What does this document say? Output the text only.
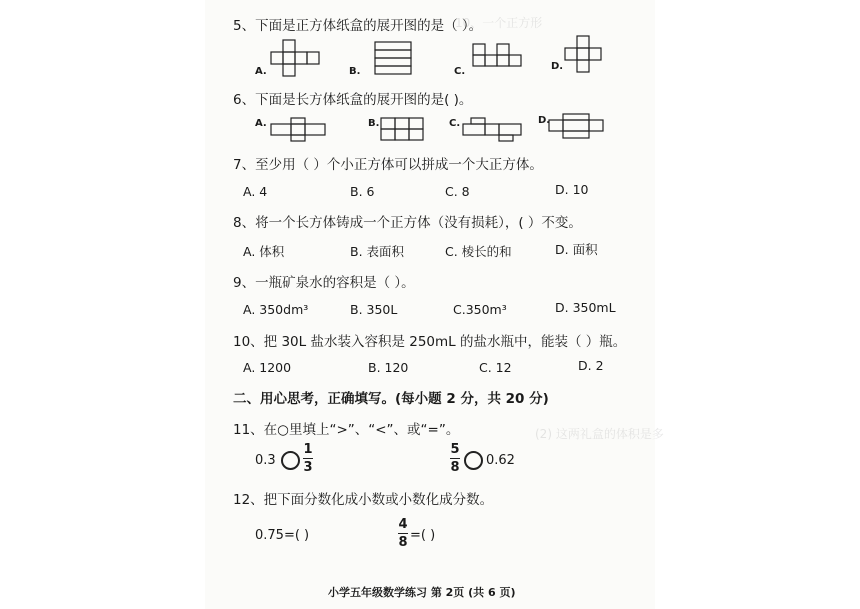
10、一个正方形
(2) 这两礼盒的体积是多
5、下面是正方体纸盒的展开图的是（ ）。
A.	B.	C.	D.
6、下面是长方体纸盒的展开图的是( )。
A.	B.	C.	D.
7、至少用（ ）个小正方体可以拼成一个大正方体。
A. 4	B. 6	C. 8	D. 10
8、将一个长方体铸成一个正方体（没有损耗），( ）不变。
A. 体积	B. 表面积	C. 棱长的和	D. 面积
9、一瓶矿泉水的容积是（ ）。
A. 350dm³	B. 350L	C.350m³	D. 350mL
10、把 30L 盐水装入容积是 250mL 的盐水瓶中，能装（ ）瓶。
A. 1200	B. 120	C. 12	D. 2
二、用心思考，正确填写。(每小题 2 分，共 20 分)
11、在○里填上“>”、“<”、或“=”。
0.3
1
3
5
8 0.62
12、把下面分数化成小数或小数化成分数。
0.75=( )
4
8 =( )
小学五年级数学练习 第 2页 (共 6 页)
